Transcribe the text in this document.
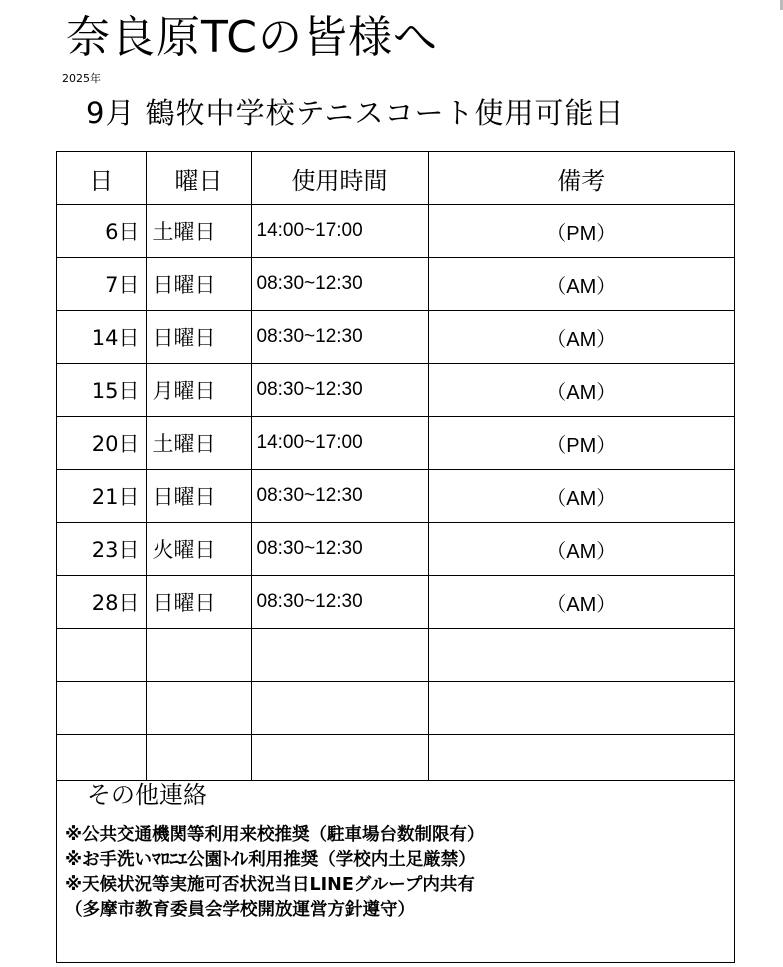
奈良原TCの皆様へ
2025年
9月 鶴牧中学校テニスコート使用可能日
日	曜日	使用時間	備考
6日	土曜日	14:00~17:00	（PM）
7日	日曜日	08:30~12:30	（AM）
14日	日曜日	08:30~12:30	（AM）
15日	月曜日	08:30~12:30	（AM）
20日	土曜日	14:00~17:00	（PM）
21日	日曜日	08:30~12:30	（AM）
23日	火曜日	08:30~12:30	（AM）
28日	日曜日	08:30~12:30	（AM）

その他連絡
※公共交通機関等利用来校推奨（駐車場台数制限有）
※お手洗いﾏﾛﾆｴ公園ﾄｲﾚ利用推奨（学校内土足厳禁）
※天候状況等実施可否状況当日LINEグループ内共有
（多摩市教育委員会学校開放運営方針遵守）
